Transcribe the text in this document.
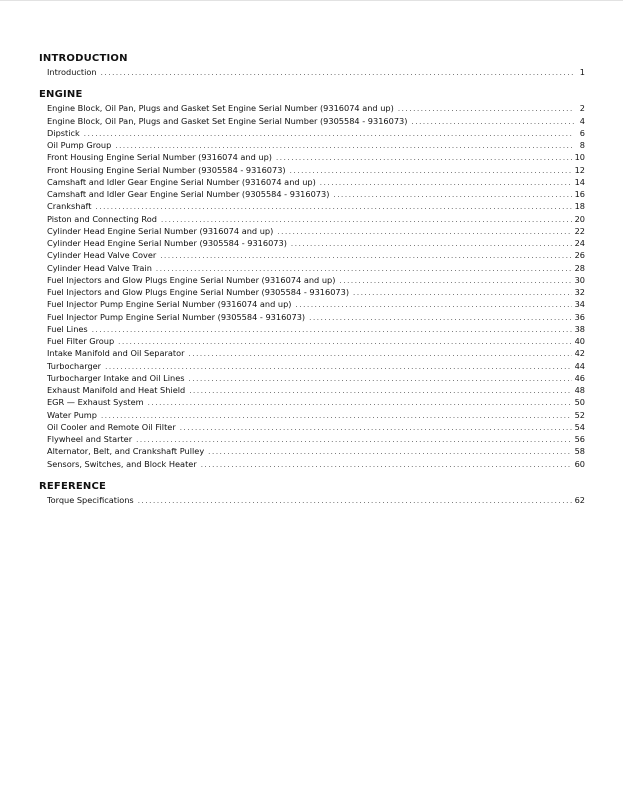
INTRODUCTION
Introduction .....	1
ENGINE
Engine Block, Oil Pan, Plugs and Gasket Set Engine Serial Number (9316074 and up) .....	2
Engine Block, Oil Pan, Plugs and Gasket Set Engine Serial Number (9305584 - 9316073) .....	4
Dipstick .....	6
Oil Pump Group .....	8
Front Housing Engine Serial Number (9316074 and up) .....	10
Front Housing Engine Serial Number (9305584 - 9316073) .....	12
Camshaft and Idler Gear Engine Serial Number (9316074 and up) .....	14
Camshaft and Idler Gear Engine Serial Number (9305584 - 9316073) .....	16
Crankshaft .....	18
Piston and Connecting Rod .....	20
Cylinder Head Engine Serial Number (9316074 and up) .....	22
Cylinder Head Engine Serial Number (9305584 - 9316073) .....	24
Cylinder Head Valve Cover .....	26
Cylinder Head Valve Train .....	28
Fuel Injectors and Glow Plugs Engine Serial Number (9316074 and up) .....	30
Fuel Injectors and Glow Plugs Engine Serial Number (9305584 - 9316073) .....	32
Fuel Injector Pump Engine Serial Number (9316074 and up) .....	34
Fuel Injector Pump Engine Serial Number (9305584 - 9316073) .....	36
Fuel Lines .....	38
Fuel Filter Group .....	40
Intake Manifold and Oil Separator .....	42
Turbocharger .....	44
Turbocharger Intake and Oil Lines .....	46
Exhaust Manifold and Heat Shield .....	48
EGR — Exhaust System .....	50
Water Pump .....	52
Oil Cooler and Remote Oil Filter .....	54
Flywheel and Starter .....	56
Alternator, Belt, and Crankshaft Pulley .....	58
Sensors, Switches, and Block Heater .....	60
REFERENCE
Torque Specifications .....	62
